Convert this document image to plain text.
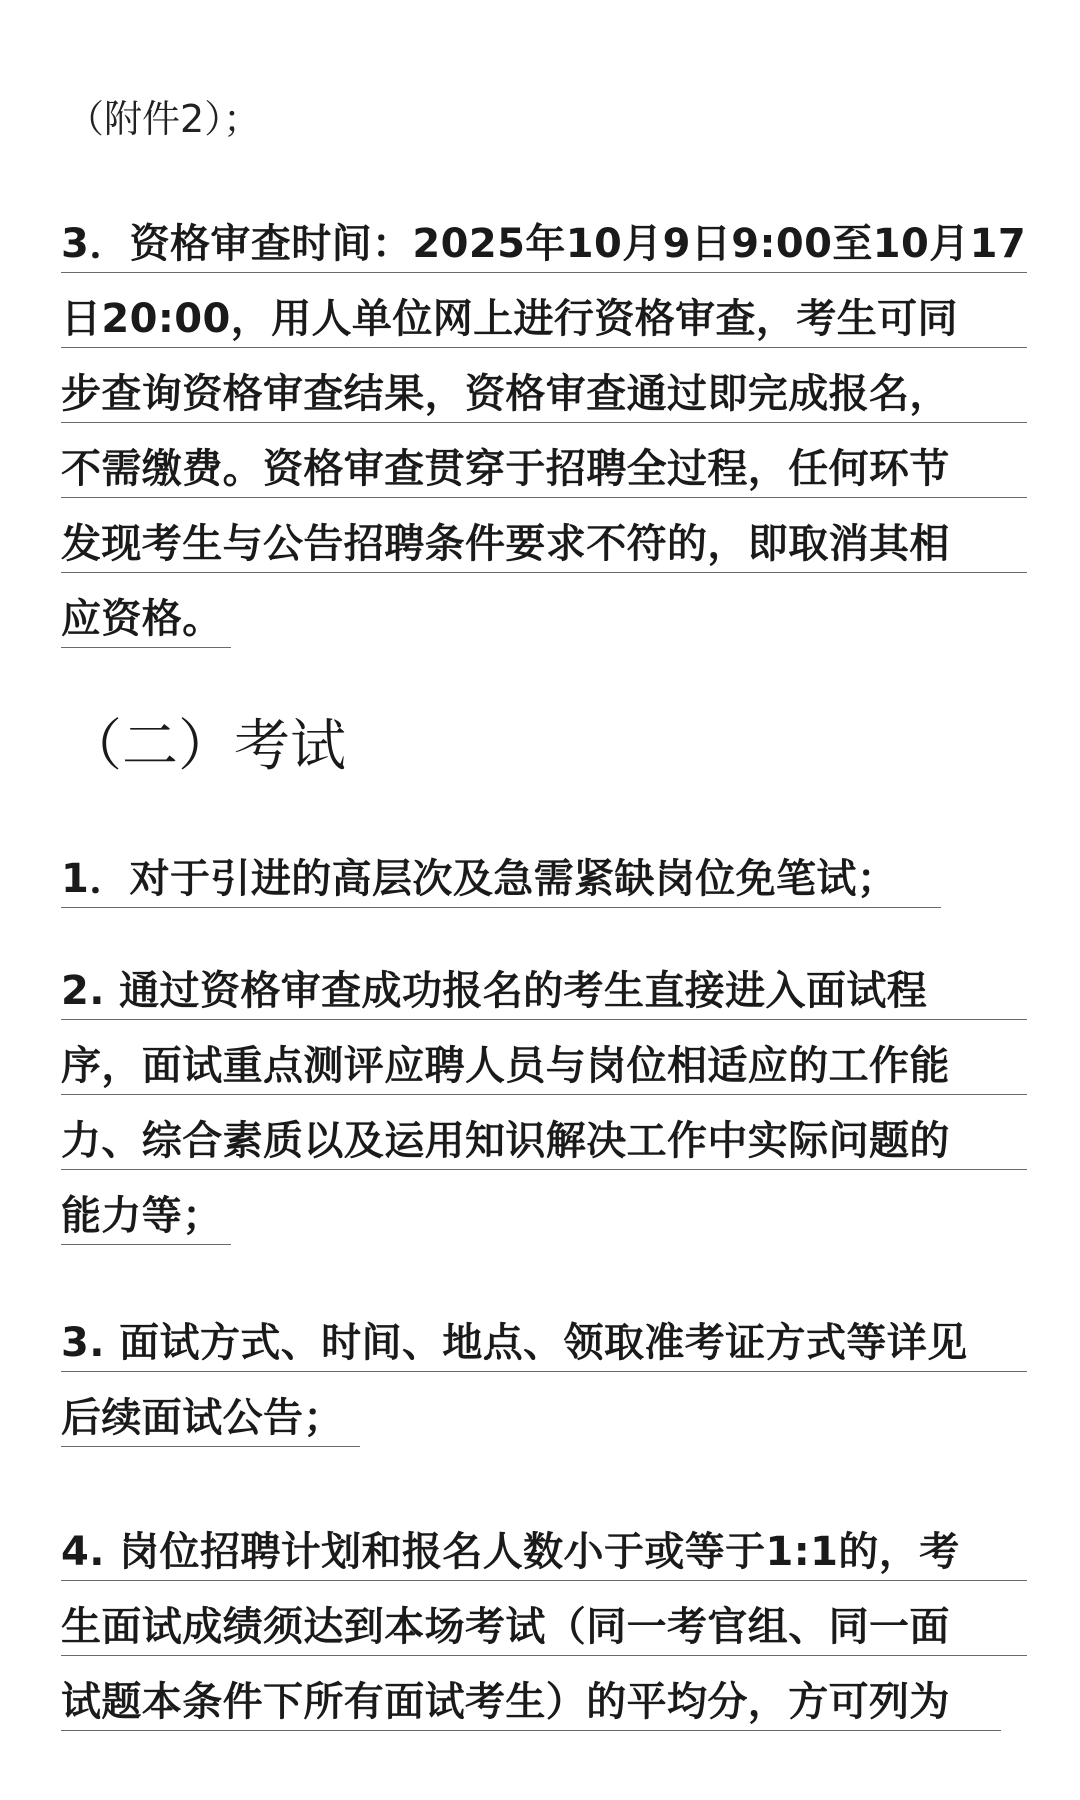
（附件2）；
3．资格审查时间：2025年10月9日9:00至10月17
日20:00，用人单位网上进行资格审查，考生可同
步查询资格审查结果，资格审查通过即完成报名，
不需缴费。资格审查贯穿于招聘全过程，任何环节
发现考生与公告招聘条件要求不符的，即取消其相
应资格。
（二）考试
1．对于引进的高层次及急需紧缺岗位免笔试；
2. 通过资格审查成功报名的考生直接进入面试程
序，面试重点测评应聘人员与岗位相适应的工作能
力、综合素质以及运用知识解决工作中实际问题的
能力等；
3. 面试方式、时间、地点、领取准考证方式等详见
后续面试公告；
4. 岗位招聘计划和报名人数小于或等于1:1的，考
生面试成绩须达到本场考试（同一考官组、同一面
试题本条件下所有面试考生）的平均分，方可列为
